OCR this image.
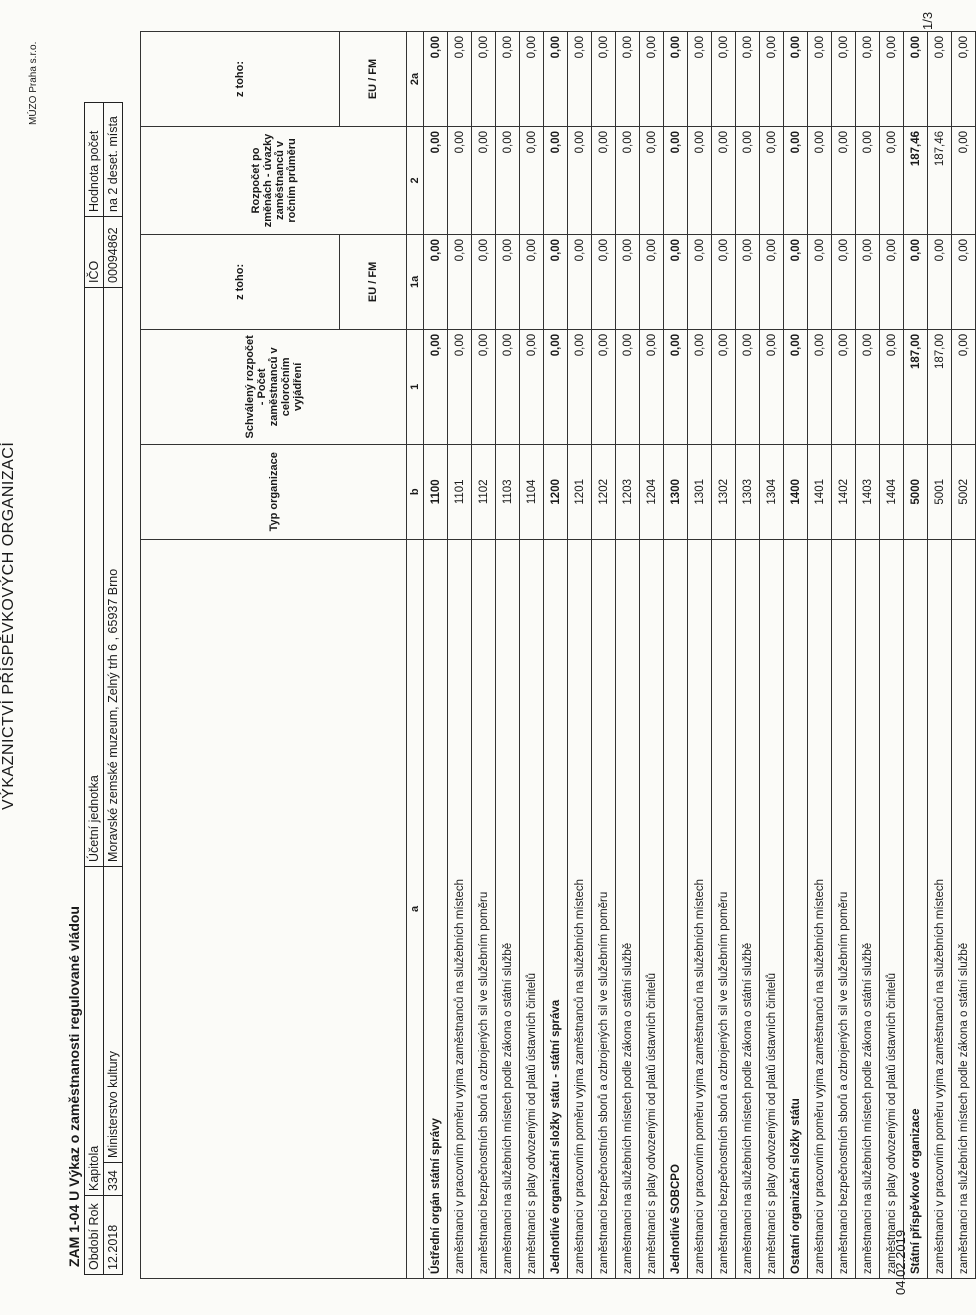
VÝKAZNICTVÍ PŘÍSPĚVKOVÝCH ORGANIZACÍ
ZAM 1-04 U Výkaz o zaměstnanosti regulované vládou
MÚZO Praha s.r.o.
Období Rok	Kapitola		Účetní jednotka	IČO	Hodnota počet
12.2018	334	Ministerstvo kultury	Moravské zemské muzeum, Zelný trh 6 , 65937 Brno	00094862	na 2 deset. místa
	Typ organizace	Schválený rozpočet - Počet zaměstnanců v celoročním vyjádření	z toho:	Rozpočet po změnách - úvazky zaměstnanců v ročním průměru	z toho:
			EU / FM		EU / FM
a	b	1	1a	2	2a
Ústřední orgán státní správy	1100	0,00	0,00	0,00	0,00
zaměstnanci v pracovním poměru vyjma zaměstnanců na služebních místech	1101	0,00	0,00	0,00	0,00
zaměstnanci bezpečnostních sborů a ozbrojených sil ve služebním poměru	1102	0,00	0,00	0,00	0,00
zaměstnanci na služebních místech podle zákona o státní službě	1103	0,00	0,00	0,00	0,00
zaměstnanci s platy odvozenými od platů ústavních činitelů	1104	0,00	0,00	0,00	0,00
Jednotlivé organizační složky státu - státní správa	1200	0,00	0,00	0,00	0,00
zaměstnanci v pracovním poměru vyjma zaměstnanců na služebních místech	1201	0,00	0,00	0,00	0,00
zaměstnanci bezpečnostních sborů a ozbrojených sil ve služebním poměru	1202	0,00	0,00	0,00	0,00
zaměstnanci na služebních místech podle zákona o státní službě	1203	0,00	0,00	0,00	0,00
zaměstnanci s platy odvozenými od platů ústavních činitelů	1204	0,00	0,00	0,00	0,00
Jednotlivé SOBCPO	1300	0,00	0,00	0,00	0,00
zaměstnanci v pracovním poměru vyjma zaměstnanců na služebních místech	1301	0,00	0,00	0,00	0,00
zaměstnanci bezpečnostních sborů a ozbrojených sil ve služebním poměru	1302	0,00	0,00	0,00	0,00
zaměstnanci na služebních místech podle zákona o státní službě	1303	0,00	0,00	0,00	0,00
zaměstnanci s platy odvozenými od platů ústavních činitelů	1304	0,00	0,00	0,00	0,00
Ostatní organizační složky státu	1400	0,00	0,00	0,00	0,00
zaměstnanci v pracovním poměru vyjma zaměstnanců na služebních místech	1401	0,00	0,00	0,00	0,00
zaměstnanci bezpečnostních sborů a ozbrojených sil ve služebním poměru	1402	0,00	0,00	0,00	0,00
zaměstnanci na služebních místech podle zákona o státní službě	1403	0,00	0,00	0,00	0,00
zaměstnanci s platy odvozenými od platů ústavních činitelů	1404	0,00	0,00	0,00	0,00
Státní příspěvkové organizace	5000	187,00	0,00	187,46	0,00
zaměstnanci v pracovním poměru vyjma zaměstnanců na služebních místech	5001	187,00	0,00	187,46	0,00
zaměstnanci na služebních místech podle zákona o státní službě	5002	0,00	0,00	0,00	0,00
04.02.2019
1/3
